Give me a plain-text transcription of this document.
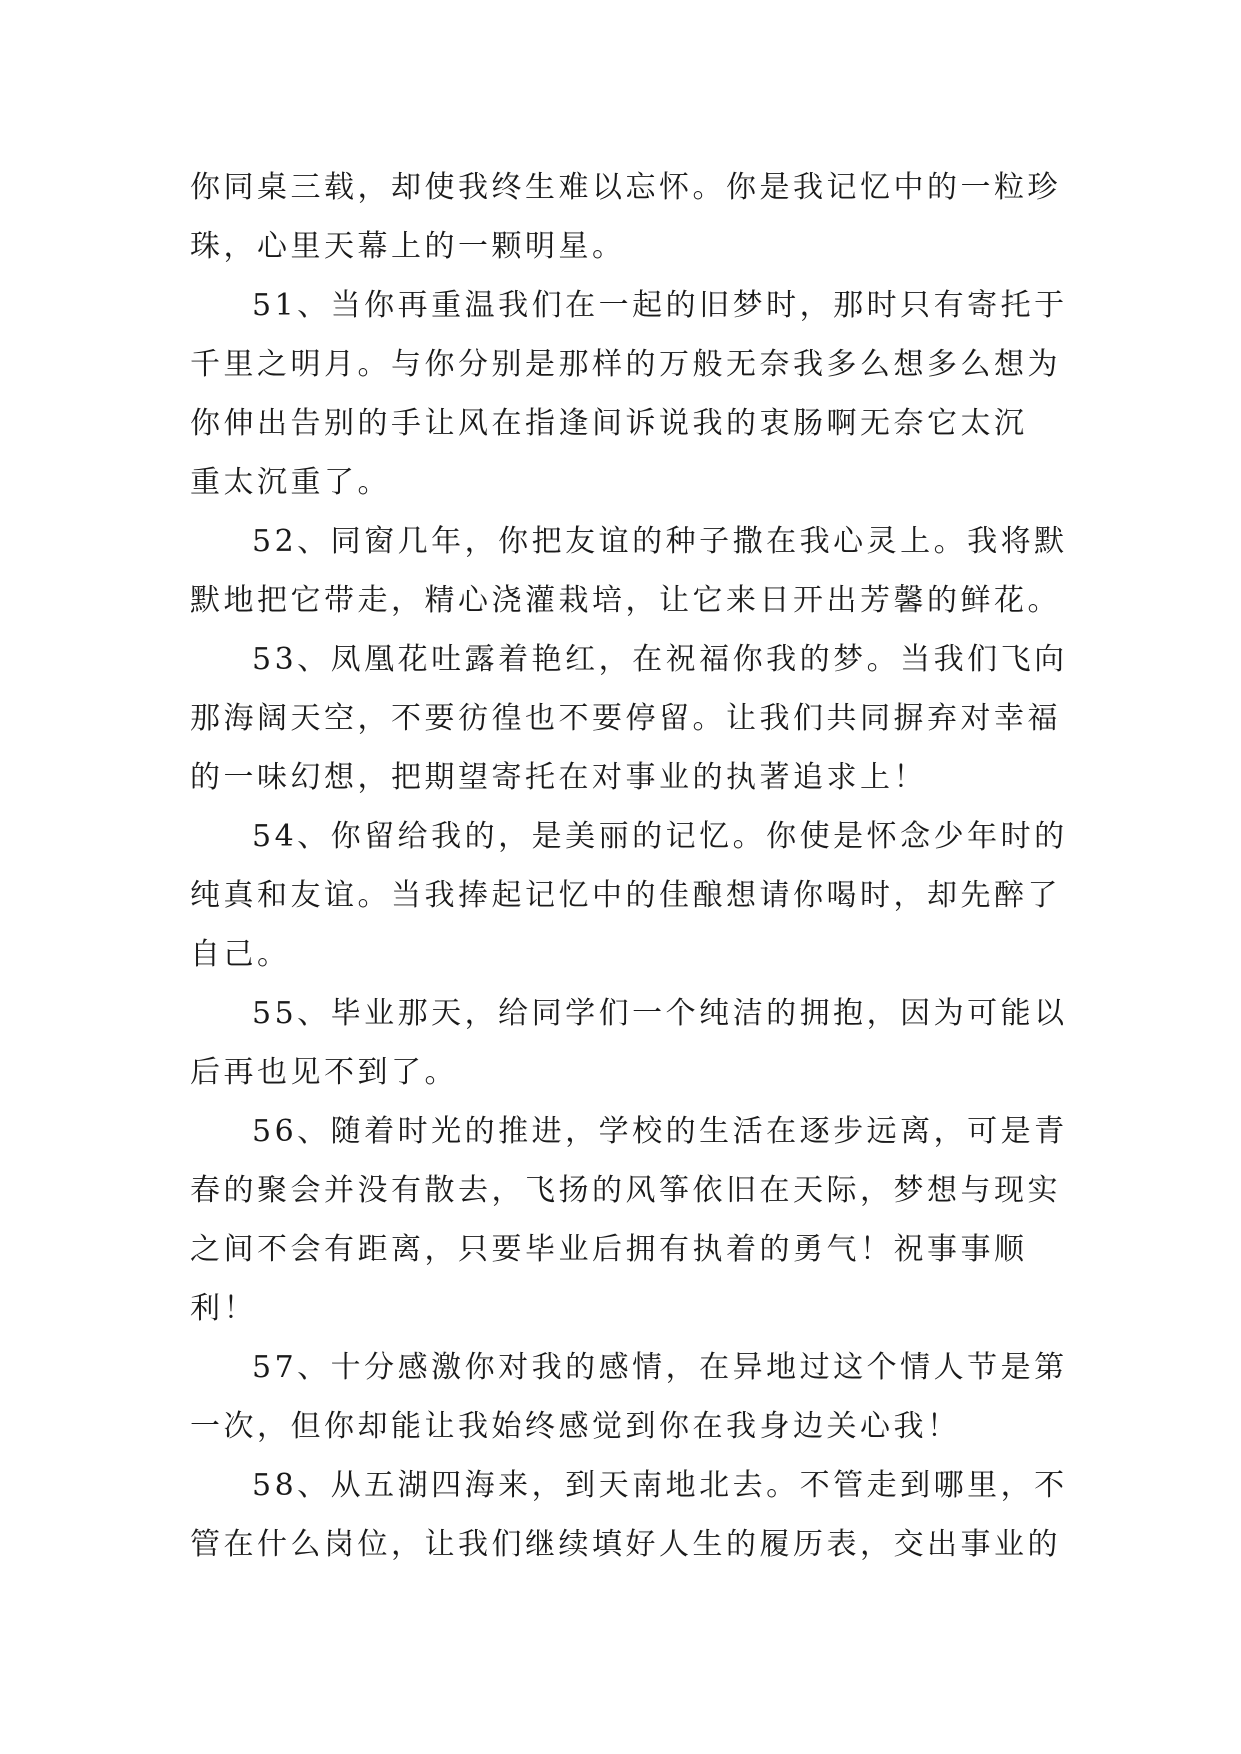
你同桌三载，却使我终生难以忘怀。你是我记忆中的一粒珍

珠，心里天幕上的一颗明星。

51、当你再重温我们在一起的旧梦时，那时只有寄托于

千里之明月。与你分别是那样的万般无奈我多么想多么想为

你伸出告别的手让风在指逢间诉说我的衷肠啊无奈它太沉

重太沉重了。

52、同窗几年，你把友谊的种子撒在我心灵上。我将默

默地把它带走，精心浇灌栽培，让它来日开出芳馨的鲜花。

53、凤凰花吐露着艳红，在祝福你我的梦。当我们飞向

那海阔天空，不要彷徨也不要停留。让我们共同摒弃对幸福

的一味幻想，把期望寄托在对事业的执著追求上！

54、你留给我的，是美丽的记忆。你使是怀念少年时的

纯真和友谊。当我捧起记忆中的佳酿想请你喝时，却先醉了

自己。

55、毕业那天，给同学们一个纯洁的拥抱，因为可能以

后再也见不到了。

56、随着时光的推进，学校的生活在逐步远离，可是青

春的聚会并没有散去，飞扬的风筝依旧在天际，梦想与现实

之间不会有距离，只要毕业后拥有执着的勇气！祝事事顺

利！

57、十分感激你对我的感情，在异地过这个情人节是第

一次，但你却能让我始终感觉到你在我身边关心我！

58、从五湖四海来，到天南地北去。不管走到哪里，不

管在什么岗位，让我们继续填好人生的履历表，交出事业的
